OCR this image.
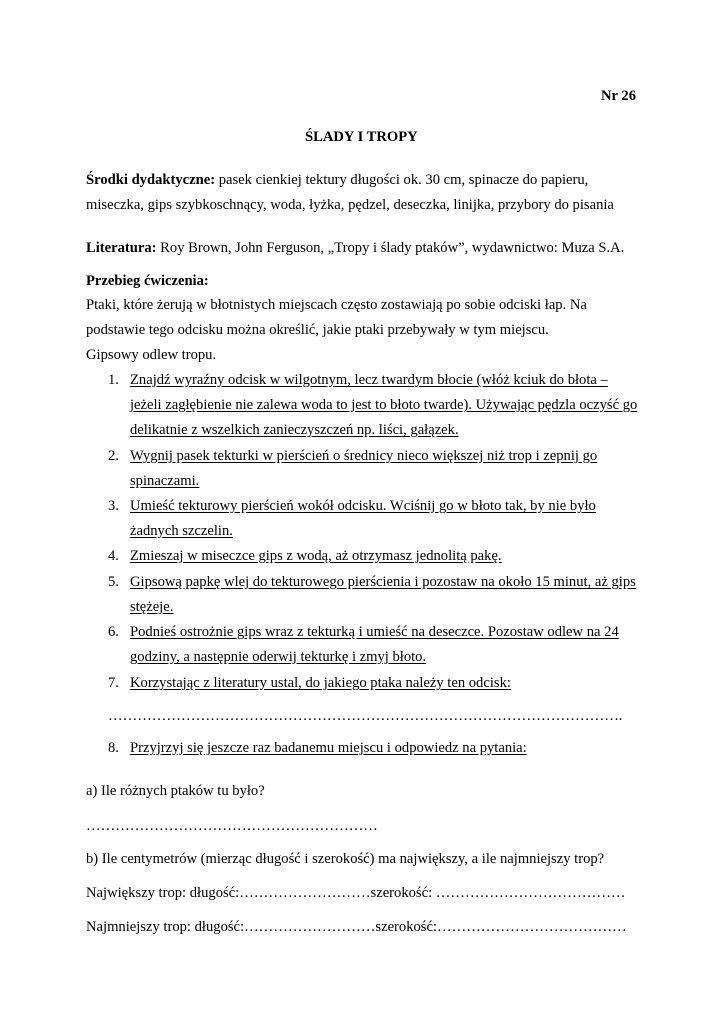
Nr 26
ŚLADY I TROPY
Środki dydaktyczne: pasek cienkiej tektury długości ok. 30 cm, spinacze do papieru,
miseczka, gips szybkoschnący, woda, łyżka, pędzel, deseczka, linijka, przybory do pisania
Literatura: Roy Brown, John Ferguson, „Tropy i ślady ptaków”, wydawnictwo: Muza S.A.
Przebieg ćwiczenia:
Ptaki, które żerują w błotnistych miejscach często zostawiają po sobie odciski łap. Na
podstawie tego odcisku można określić, jakie ptaki przebywały w tym miejscu.
Gipsowy odlew tropu.
1. Znajdź wyraźny odcisk w wilgotnym, lecz twardym błocie (włóż kciuk do błota –
jeżeli zagłębienie nie zalewa woda to jest to błoto twarde). Używając pędzla oczyść go
delikatnie z wszelkich zanieczyszczeń np. liści, gałązek.
2. Wygnij pasek tekturki w pierścień o średnicy nieco większej niż trop i zepnij go
spinaczami.
3. Umieść tekturowy pierścień wokół odcisku. Wciśnij go w błoto tak, by nie było
żadnych szczelin.
4. Zmieszaj w miseczce gips z wodą, aż otrzymasz jednolitą pakę.
5. Gipsową papkę wlej do tekturowego pierścienia i pozostaw na około 15 minut, aż gips
stężeje.
6. Podnieś ostrożnie gips wraz z tekturką i umieść na deseczce. Pozostaw odlew na 24
godziny, a następnie oderwij tekturkę i zmyj błoto.
7. Korzystając z literatury ustal, do jakiego ptaka należy ten odcisk:
…………………………………………………………………………………………….
8. Przyjrzyj się jeszcze raz badanemu miejscu i odpowiedz na pytania:
a) Ile różnych ptaków tu było?
……………………………………………………
b) Ile centymetrów (mierząc długość i szerokość) ma największy, a ile najmniejszy trop?
Największy trop: długość:………………………szerokość: …………………………………
Najmniejszy trop: długość:………………………szerokość:…………………………………
